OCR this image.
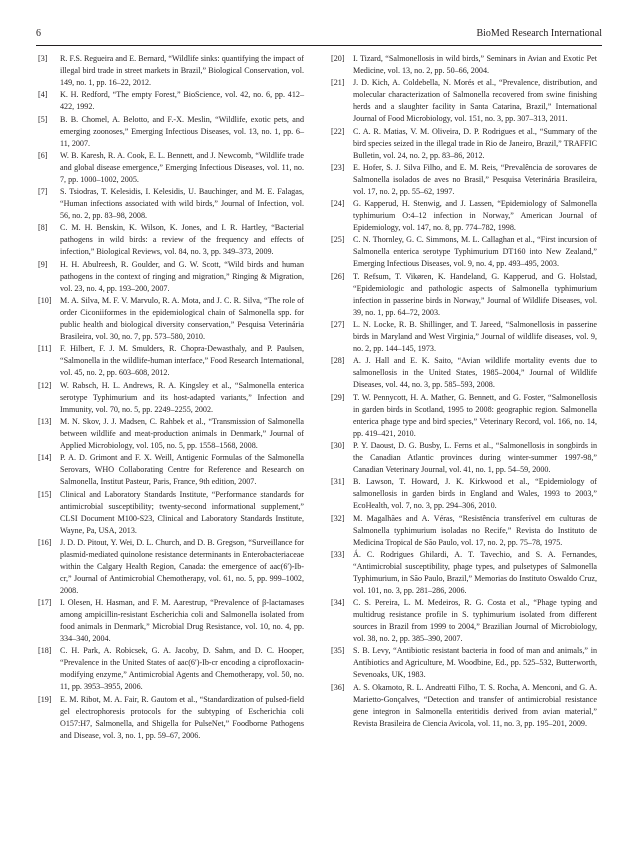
6	BioMed Research International
[3] R. F.S. Regueira and E. Bernard, “Wildlife sinks: quantifying the impact of illegal bird trade in street markets in Brazil,” Biological Conservation, vol. 149, no. 1, pp. 16–22, 2012.
[4] K. H. Redford, “The empty Forest,” BioScience, vol. 42, no. 6, pp. 412–422, 1992.
[5] B. B. Chomel, A. Belotto, and F.-X. Meslin, “Wildlife, exotic pets, and emerging zoonoses,” Emerging Infectious Diseases, vol. 13, no. 1, pp. 6–11, 2007.
[6] W. B. Karesh, R. A. Cook, E. L. Bennett, and J. Newcomb, “Wildlife trade and global disease emergence,” Emerging Infectious Diseases, vol. 11, no. 7, pp. 1000–1002, 2005.
[7] S. Tsiodras, T. Kelesidis, I. Kelesidis, U. Bauchinger, and M. E. Falagas, “Human infections associated with wild birds,” Journal of Infection, vol. 56, no. 2, pp. 83–98, 2008.
[8] C. M. H. Benskin, K. Wilson, K. Jones, and I. R. Hartley, “Bacterial pathogens in wild birds: a review of the frequency and effects of infection,” Biological Reviews, vol. 84, no. 3, pp. 349–373, 2009.
[9] H. H. Abulreesh, R. Goulder, and G. W. Scott, “Wild birds and human pathogens in the context of ringing and migration,” Ringing & Migration, vol. 23, no. 4, pp. 193–200, 2007.
[10] M. A. Silva, M. F. V. Marvulo, R. A. Mota, and J. C. R. Silva, “The role of order Ciconiiformes in the epidemiological chain of Salmonella spp. for public health and biological diversity conservation,” Pesquisa Veterinária Brasileira, vol. 30, no. 7, pp. 573–580, 2010.
[11] F. Hilbert, F. J. M. Smulders, R. Chopra-Dewasthaly, and P. Paulsen, “Salmonella in the wildlife-human interface,” Food Research International, vol. 45, no. 2, pp. 603–608, 2012.
[12] W. Rabsch, H. L. Andrews, R. A. Kingsley et al., “Salmonella enterica serotype Typhimurium and its host-adapted variants,” Infection and Immunity, vol. 70, no. 5, pp. 2249–2255, 2002.
[13] M. N. Skov, J. J. Madsen, C. Rahbek et al., “Transmission of Salmonella between wildlife and meat-production animals in Denmark,” Journal of Applied Microbiology, vol. 105, no. 5, pp. 1558–1568, 2008.
[14] P. A. D. Grimont and F. X. Weill, Antigenic Formulas of the Salmonella Serovars, WHO Collaborating Centre for Reference and Research on Salmonella, Institut Pasteur, Paris, France, 9th edition, 2007.
[15] Clinical and Laboratory Standards Institute, “Performance standards for antimicrobial susceptibility; twenty-second informational supplement,” CLSI Document M100-S23, Clinical and Laboratory Standards Institute, Wayne, Pa, USA, 2013.
[16] J. D. D. Pitout, Y. Wei, D. L. Church, and D. B. Gregson, “Surveillance for plasmid-mediated quinolone resistance determinants in Enterobacteriaceae within the Calgary Health Region, Canada: the emergence of aac(6′)-Ib-cr,” Journal of Antimicrobial Chemotherapy, vol. 61, no. 5, pp. 999–1002, 2008.
[17] I. Olesen, H. Hasman, and F. M. Aarestrup, “Prevalence of β-lactamases among ampicillin-resistant Escherichia coli and Salmonella isolated from food animals in Denmark,” Microbial Drug Resistance, vol. 10, no. 4, pp. 334–340, 2004.
[18] C. H. Park, A. Robicsek, G. A. Jacoby, D. Sahm, and D. C. Hooper, “Prevalence in the United States of aac(6′)-Ib-cr encoding a ciprofloxacin-modifying enzyme,” Antimicrobial Agents and Chemotherapy, vol. 50, no. 11, pp. 3953–3955, 2006.
[19] E. M. Ribot, M. A. Fair, R. Gautom et al., “Standardization of pulsed-field gel electrophoresis protocols for the subtyping of Escherichia coli O157:H7, Salmonella, and Shigella for PulseNet,” Foodborne Pathogens and Disease, vol. 3, no. 1, pp. 59–67, 2006.
[20] I. Tizard, “Salmonellosis in wild birds,” Seminars in Avian and Exotic Pet Medicine, vol. 13, no. 2, pp. 50–66, 2004.
[21] J. D. Kich, A. Coldebella, N. Morés et al., “Prevalence, distribution, and molecular characterization of Salmonella recovered from swine finishing herds and a slaughter facility in Santa Catarina, Brazil,” International Journal of Food Microbiology, vol. 151, no. 3, pp. 307–313, 2011.
[22] C. A. R. Matias, V. M. Oliveira, D. P. Rodrigues et al., “Summary of the bird species seized in the illegal trade in Rio de Janeiro, Brazil,” TRAFFIC Bulletin, vol. 24, no. 2, pp. 83–86, 2012.
[23] E. Hofer, S. J. Silva Filho, and E. M. Reis, “Prevalência de sorovares de Salmonella isolados de aves no Brasil,” Pesquisa Veterinária Brasileira, vol. 17, no. 2, pp. 55–62, 1997.
[24] G. Kapperud, H. Stenwig, and J. Lassen, “Epidemiology of Salmonella typhimurium O:4–12 infection in Norway,” American Journal of Epidemiology, vol. 147, no. 8, pp. 774–782, 1998.
[25] C. N. Thornley, G. C. Simmons, M. L. Callaghan et al., “First incursion of Salmonella enterica serotype Typhimurium DT160 into New Zealand,” Emerging Infectious Diseases, vol. 9, no. 4, pp. 493–495, 2003.
[26] T. Refsum, T. Vikøren, K. Handeland, G. Kapperud, and G. Holstad, “Epidemiologic and pathologic aspects of Salmonella typhimurium infection in passerine birds in Norway,” Journal of Wildlife Diseases, vol. 39, no. 1, pp. 64–72, 2003.
[27] L. N. Locke, R. B. Shillinger, and T. Jareed, “Salmonellosis in passerine birds in Maryland and West Virginia,” Journal of wildlife diseases, vol. 9, no. 2, pp. 144–145, 1973.
[28] A. J. Hall and E. K. Saito, “Avian wildlife mortality events due to salmonellosis in the United States, 1985–2004,” Journal of Wildlife Diseases, vol. 44, no. 3, pp. 585–593, 2008.
[29] T. W. Pennycott, H. A. Mather, G. Bennett, and G. Foster, “Salmonellosis in garden birds in Scotland, 1995 to 2008: geographic region. Salmonella enterica phage type and bird species,” Veterinary Record, vol. 166, no. 14, pp. 419–421, 2010.
[30] P. Y. Daoust, D. G. Busby, L. Ferns et al., “Salmonellosis in songbirds in the Canadian Atlantic provinces during winter-summer 1997-98,” Canadian Veterinary Journal, vol. 41, no. 1, pp. 54–59, 2000.
[31] B. Lawson, T. Howard, J. K. Kirkwood et al., “Epidemiology of salmonellosis in garden birds in England and Wales, 1993 to 2003,” EcoHealth, vol. 7, no. 3, pp. 294–306, 2010.
[32] M. Magalhães and A. Véras, “Resistência transferível em culturas de Salmonella typhimurium isoladas no Recife,” Revista do Instituto de Medicina Tropical de São Paulo, vol. 17, no. 2, pp. 75–78, 1975.
[33] Á. C. Rodrigues Ghilardi, A. T. Tavechio, and S. A. Fernandes, “Antimicrobial susceptibility, phage types, and pulsetypes of Salmonella Typhimurium, in São Paulo, Brazil,” Memorias do Instituto Oswaldo Cruz, vol. 101, no. 3, pp. 281–286, 2006.
[34] C. S. Pereira, L. M. Medeiros, R. G. Costa et al., “Phage typing and multidrug resistance profile in S. typhimurium isolated from different sources in Brazil from 1999 to 2004,” Brazilian Journal of Microbiology, vol. 38, no. 2, pp. 385–390, 2007.
[35] S. B. Levy, “Antibiotic resistant bacteria in food of man and animals,” in Antibiotics and Agriculture, M. Woodbine, Ed., pp. 525–532, Butterworth, Sevenoaks, UK, 1983.
[36] A. S. Okamoto, R. L. Andreatti Filho, T. S. Rocha, A. Menconi, and G. A. Marietto-Gonçalves, “Detection and transfer of antimicrobial resistance gene integron in Salmonella enteritidis derived from avian material,” Revista Brasileira de Ciencia Avicola, vol. 11, no. 3, pp. 195–201, 2009.
